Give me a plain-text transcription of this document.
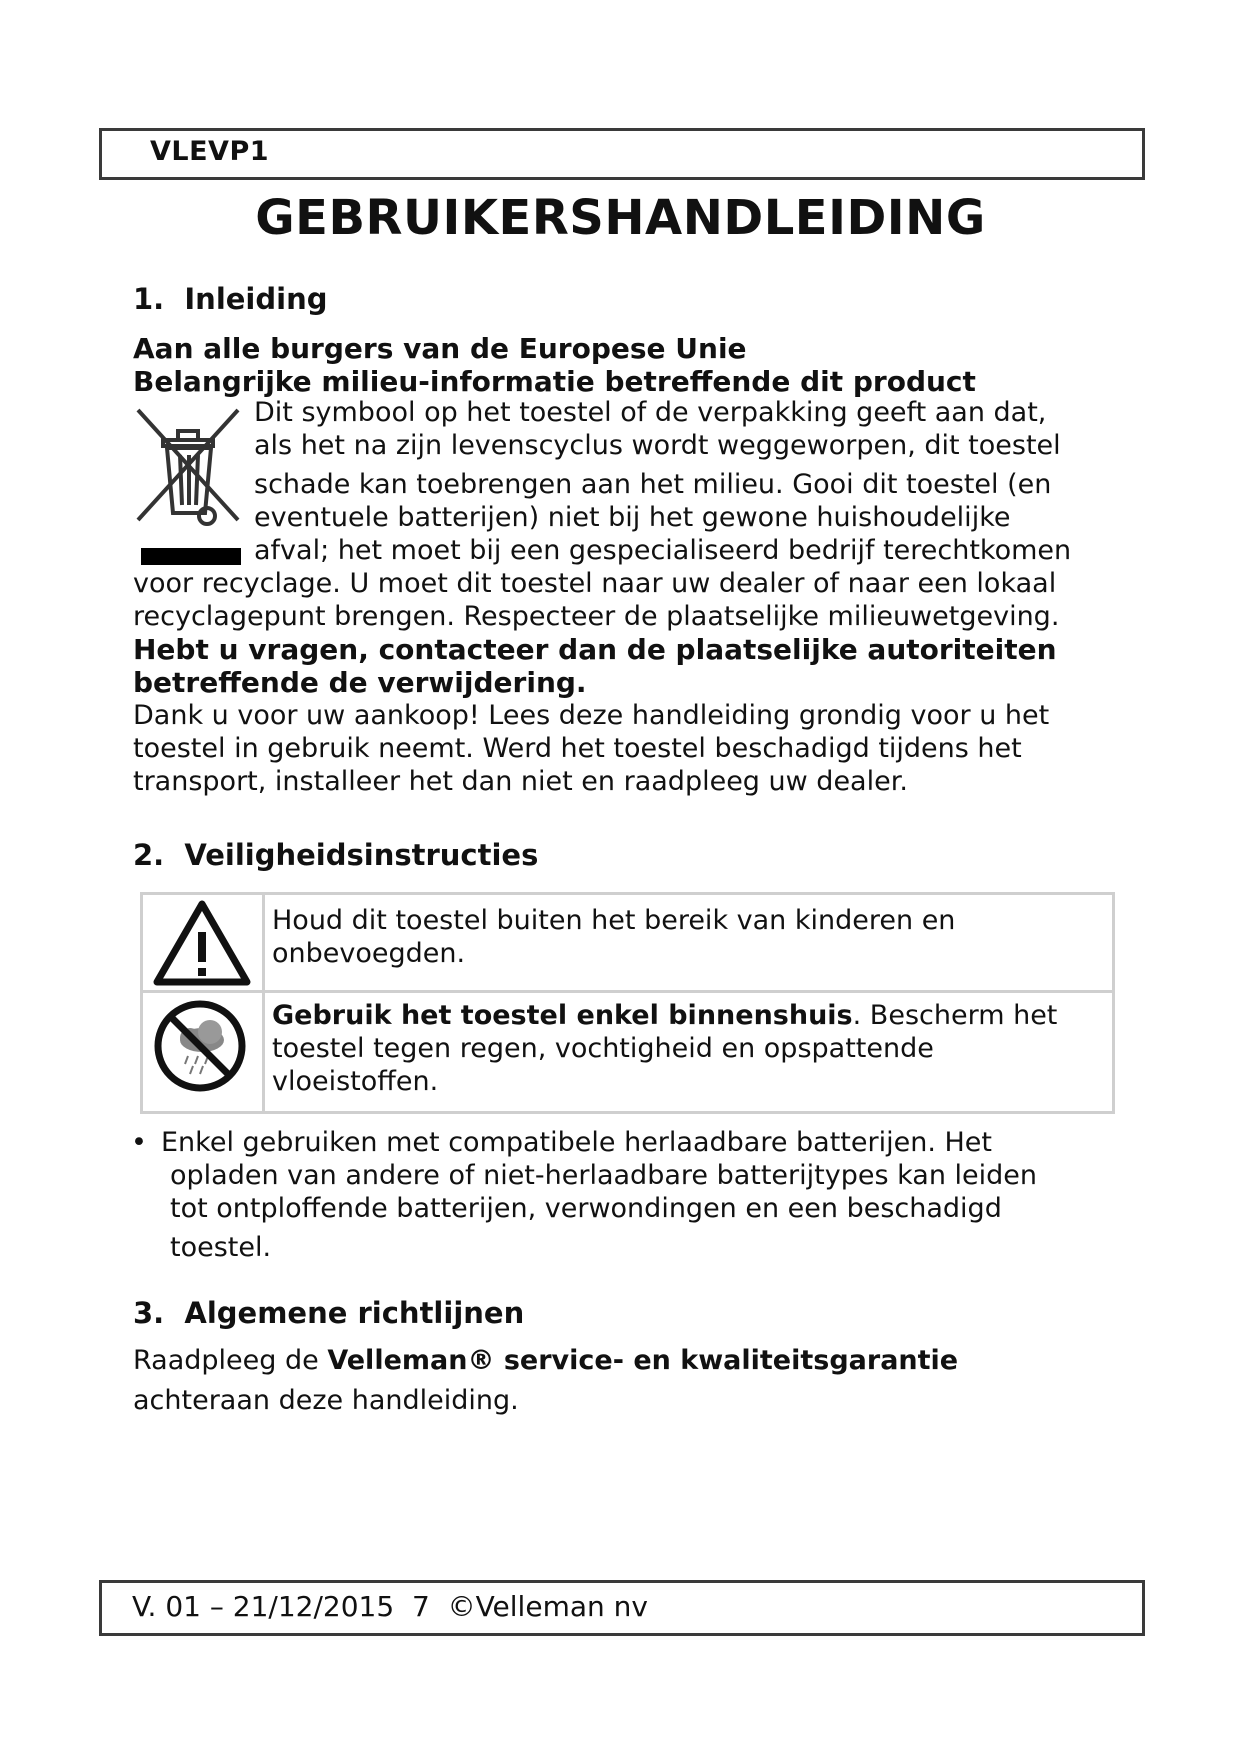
VLEVP1
GEBRUIKERSHANDLEIDING
1.  Inleiding
Aan alle burgers van de Europese Unie
Belangrijke milieu-informatie betreffende dit product
Dit symbool op het toestel of de verpakking geeft aan dat,
als het na zijn levenscyclus wordt weggeworpen, dit toestel
schade kan toebrengen aan het milieu. Gooi dit toestel (en
eventuele batterijen) niet bij het gewone huishoudelijke
afval; het moet bij een gespecialiseerd bedrijf terechtkomen
voor recyclage. U moet dit toestel naar uw dealer of naar een lokaal
recyclagepunt brengen. Respecteer de plaatselijke milieuwetgeving.
Hebt u vragen, contacteer dan de plaatselijke autoriteiten
betreffende de verwijdering.
Dank u voor uw aankoop! Lees deze handleiding grondig voor u het
toestel in gebruik neemt. Werd het toestel beschadigd tijdens het
transport, installeer het dan niet en raadpleeg uw dealer.
2.  Veiligheidsinstructies
Houd dit toestel buiten het bereik van kinderen en
onbevoegden.
Gebruik het toestel enkel binnenshuis. Bescherm het
toestel tegen regen, vochtigheid en opspattende
vloeistoffen.
• Enkel gebruiken met compatibele herlaadbare batterijen. Het
opladen van andere of niet-herlaadbare batterijtypes kan leiden
tot ontploffende batterijen, verwondingen en een beschadigd
toestel.
3.  Algemene richtlijnen
Raadpleeg de Velleman® service- en kwaliteitsgarantie
achteraan deze handleiding.
V. 01 – 21/12/2015  7  ©Velleman nv
